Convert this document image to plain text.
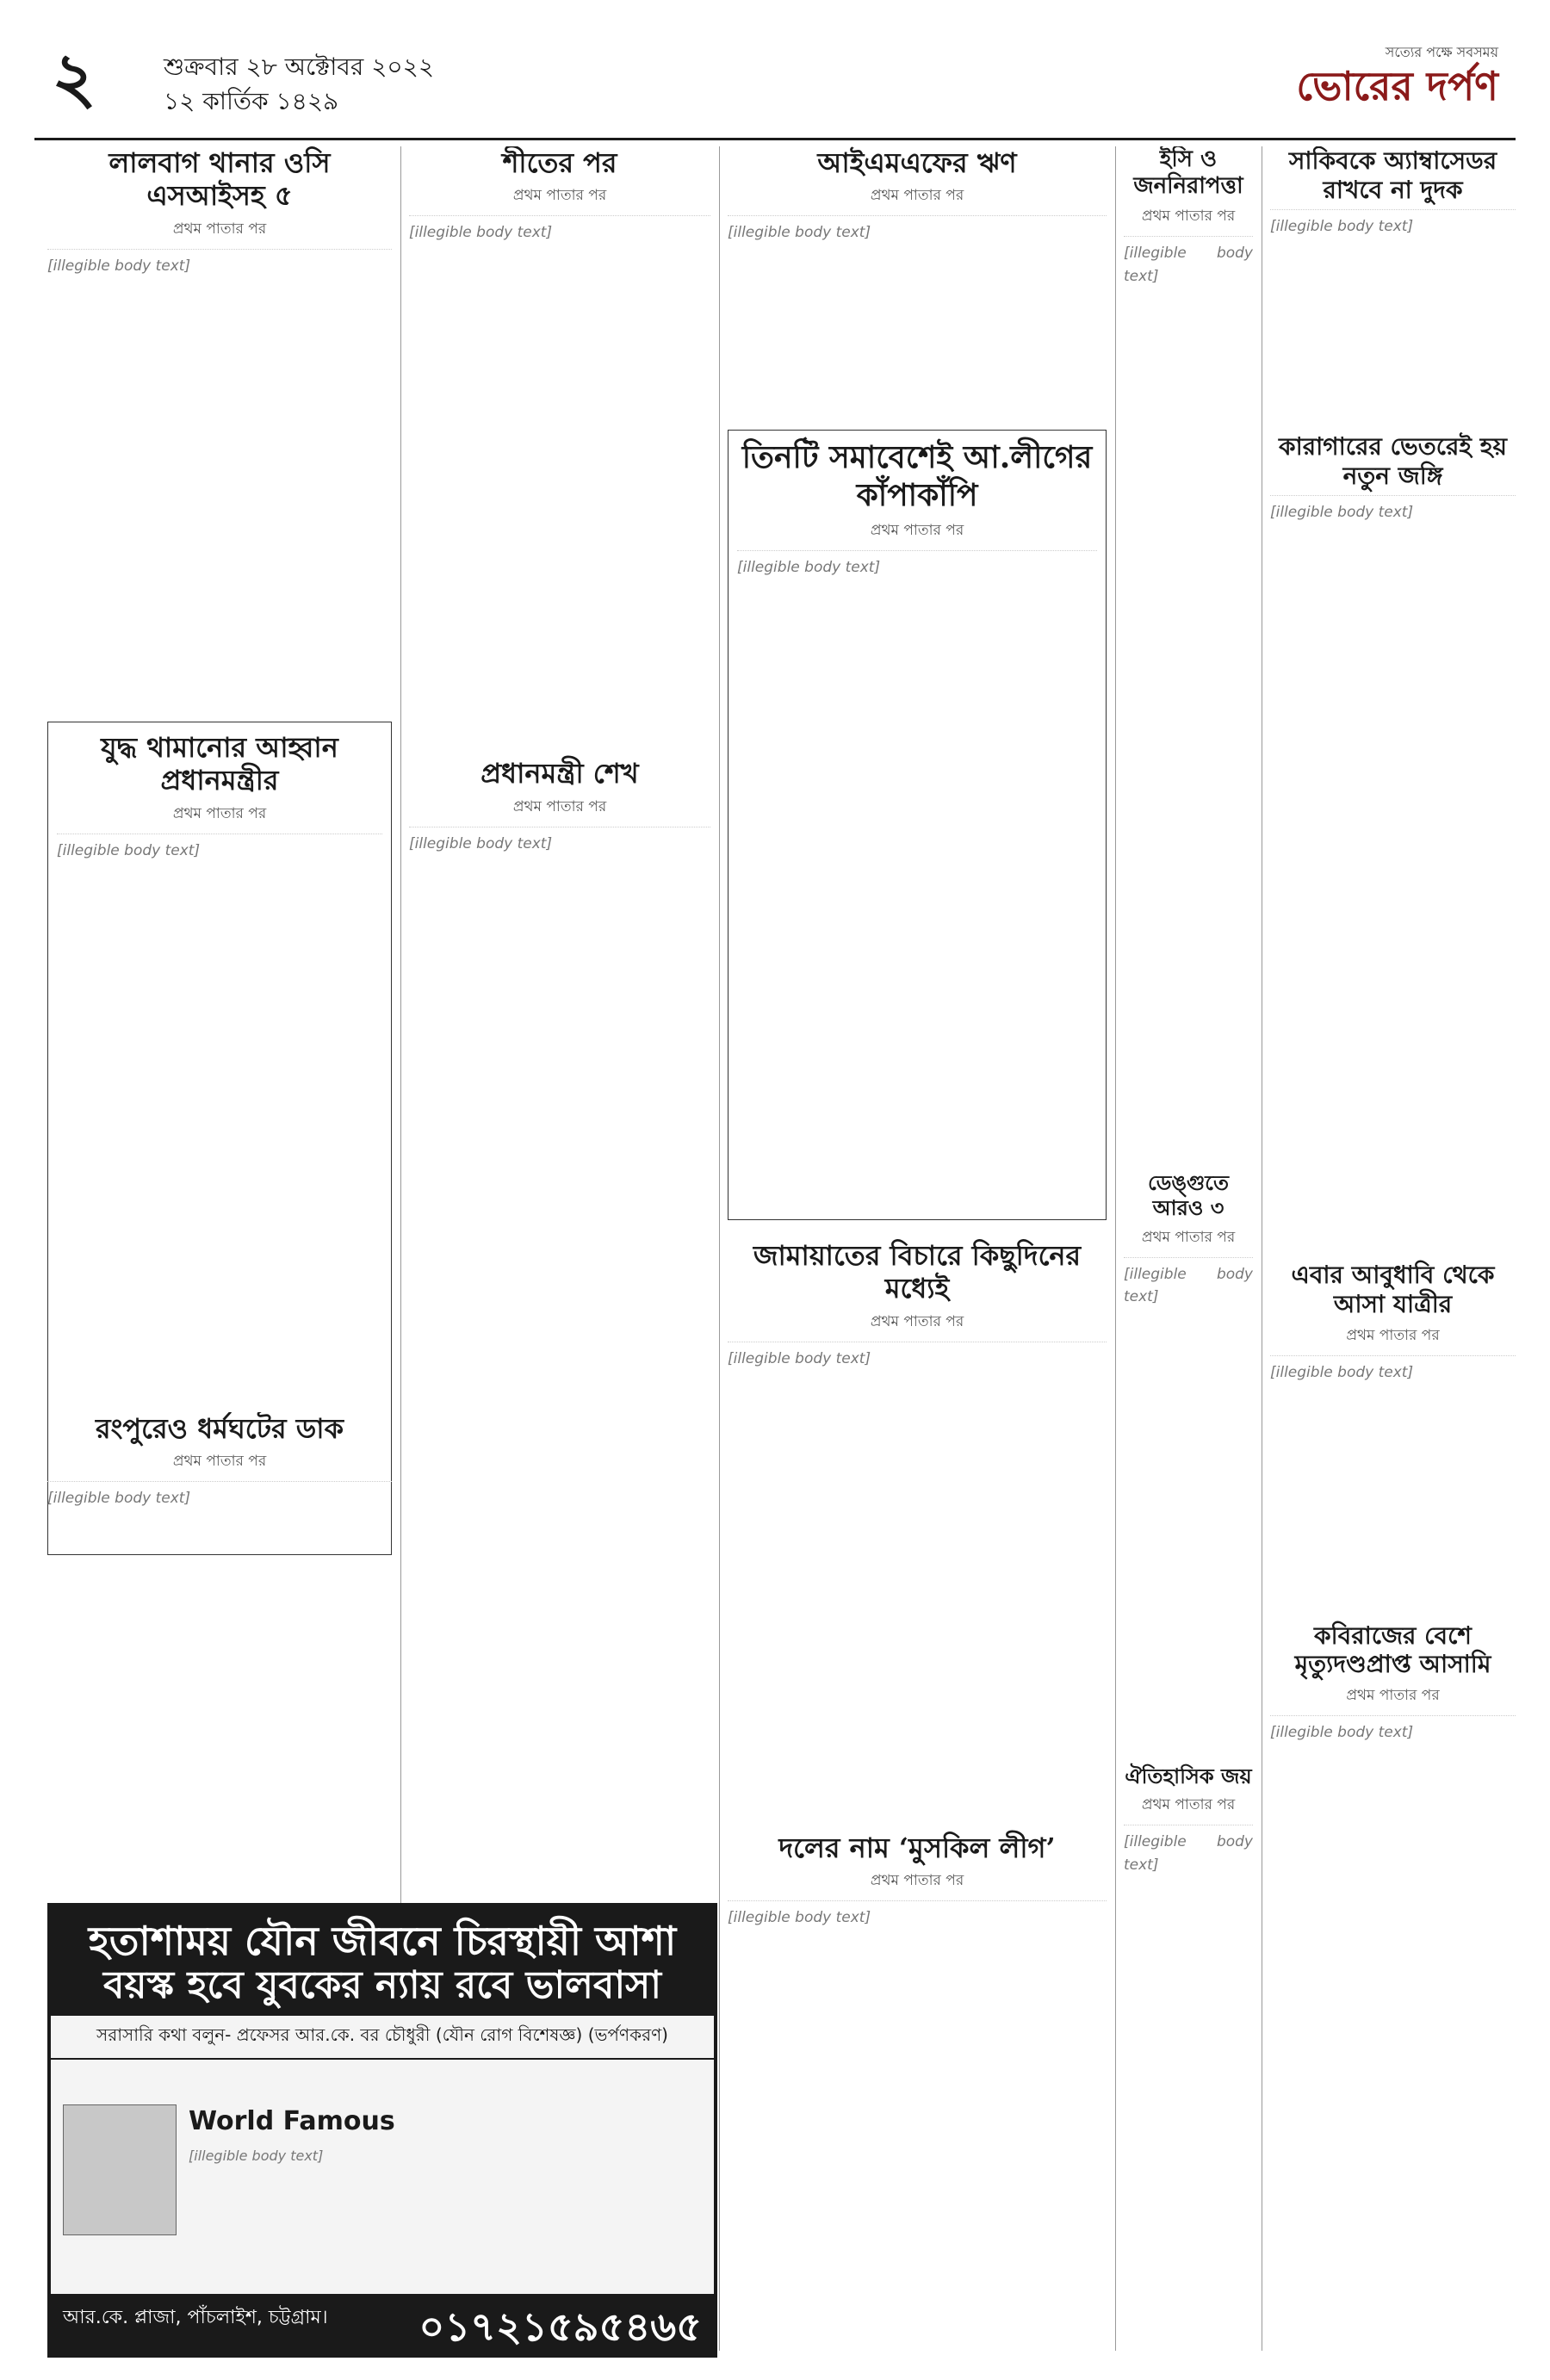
২	শুক্রবার ২৮ অক্টোবর ২০২২
১২ কার্তিক ১৪২৯
সত্যের পক্ষে সবসময়
ভোরের দর্পণ
লালবাগ থানার ওসি এসআইসহ ৫
প্রথম পাতার পর
[illegible body text]
যুদ্ধ থামানোর আহ্বান প্রধানমন্ত্রীর
প্রথম পাতার পর
[illegible body text]
শীতের পর
প্রথম পাতার পর
[illegible body text]
প্রধানমন্ত্রী শেখ
প্রথম পাতার পর
[illegible body text]
রংপুরেও ধর্মঘটের ডাক
প্রথম পাতার পর
[illegible body text]
আইএমএফের ঋণ
প্রথম পাতার পর
[illegible body text]
তিনটি সমাবেশেই আ.লীগের কাঁপাকাঁপি
প্রথম পাতার পর
[illegible body text]
জামায়াতের বিচারে কিছুদিনের মধ্যেই
প্রথম পাতার পর
[illegible body text]
দলের নাম ‘মুসকিল লীগ’
প্রথম পাতার পর
[illegible body text]
ইসি ও জননিরাপত্তা
প্রথম পাতার পর
[illegible body text]
ডেঙ্গুতে আরও ৩
প্রথম পাতার পর
[illegible body text]
ঐতিহাসিক জয়
প্রথম পাতার পর
[illegible body text]
সাকিবকে অ্যাম্বাসেডর রাখবে না দুদক
[illegible body text]
কারাগারের ভেতরেই হয় নতুন জঙ্গি
[illegible body text]
এবার আবুধাবি থেকে আসা যাত্রীর
প্রথম পাতার পর
[illegible body text]
কবিরাজের বেশে মৃত্যুদণ্ডপ্রাপ্ত আসামি
প্রথম পাতার পর
[illegible body text]
হতাশাময় যৌন জীবনে চিরস্থায়ী আশা
বয়স্ক হবে যুবকের ন্যায় রবে ভালবাসা
সরাসারি কথা বলুন- প্রফেসর আর.কে. বর চৌধুরী (যৌন রোগ বিশেষজ্ঞ) (ভর্পণকরণ)
World Famous
[illegible body text]
আর.কে. প্লাজা, পাঁচলাইশ, চট্টগ্রাম। ০১৭২১৫৯৫৪৬৫
